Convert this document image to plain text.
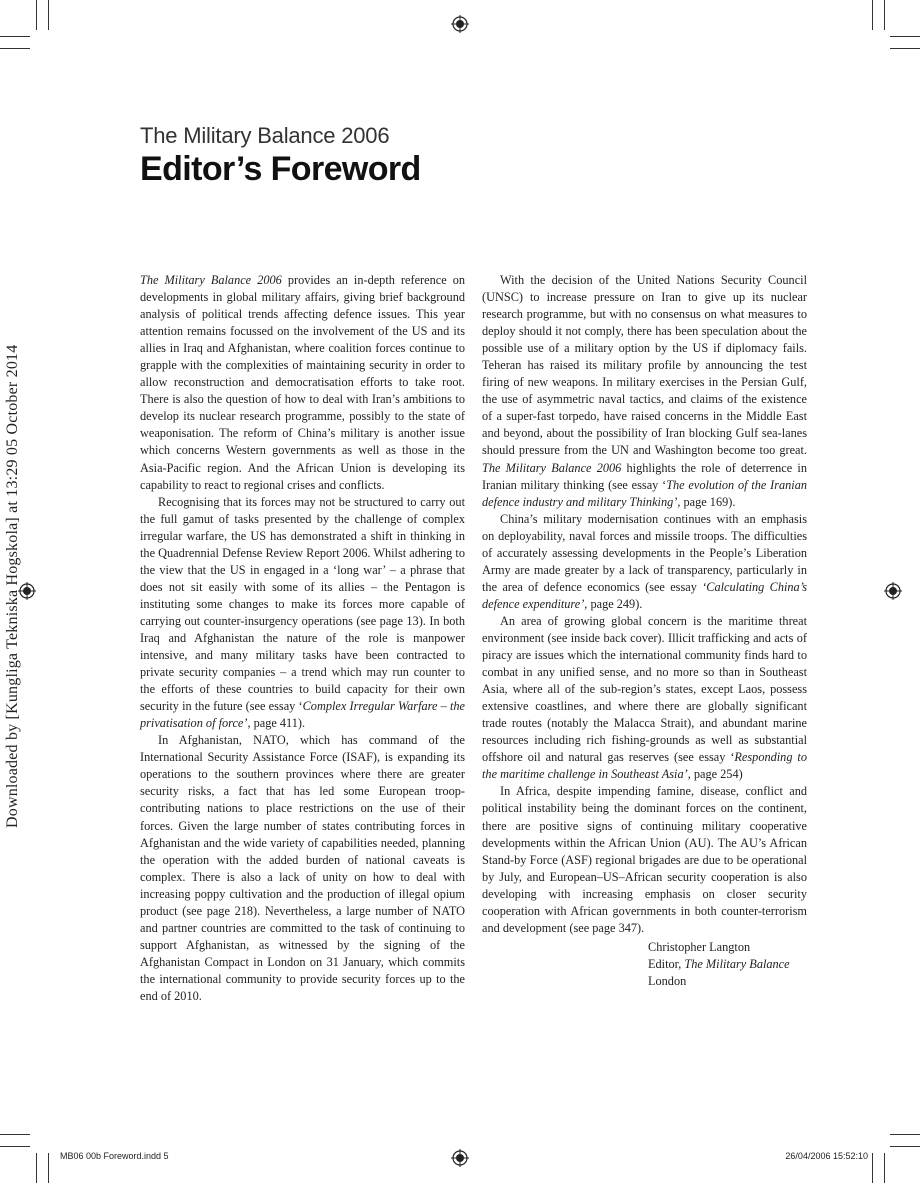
The Military Balance 2006
Editor’s Foreword
Downloaded by [Kungliga Tekniska Hogskola] at 13:29 05 October 2014

The Military Balance 2006 provides an in-depth reference on developments in global military affairs, giving brief background analysis of political trends affecting defence issues. This year attention remains focussed on the involvement of the US and its allies in Iraq and Afghanistan, where coalition forces continue to grapple with the complexities of maintaining security in order to allow reconstruction and democratisation efforts to take root. There is also the question of how to deal with Iran’s ambitions to develop its nuclear research programme, possibly to the state of weaponisation. The reform of China’s military is another issue which concerns Western governments as well as those in the Asia-Pacific region. And the African Union is developing its capability to react to regional crises and conflicts.

Recognising that its forces may not be structured to carry out the full gamut of tasks presented by the challenge of complex irregular warfare, the US has demonstrated a shift in thinking in the Quadrennial Defense Review Report 2006. Whilst adhering to the view that the US in engaged in a ‘long war’ – a phrase that does not sit easily with some of its allies – the Pentagon is instituting some changes to make its forces more capable of carrying out counter-insurgency operations (see page 13). In both Iraq and Afghanistan the nature of the role is manpower intensive, and many military tasks have been contracted to private security companies – a trend which may run counter to the efforts of these countries to build capacity for their own security in the future (see essay ‘Complex Irregular Warfare – the privatisation of force’, page 411).

In Afghanistan, NATO, which has command of the International Security Assistance Force (ISAF), is expanding its operations to the southern provinces where there are greater security risks, a fact that has led some European troop-contributing nations to place restrictions on the use of their forces. Given the large number of states contributing forces in Afghanistan and the wide variety of capabilities needed, planning the operation with the added burden of national caveats is complex. There is also a lack of unity on how to deal with increasing poppy cultivation and the production of illegal opium product (see page 218). Nevertheless, a large number of NATO and partner countries are committed to the task of continuing to support Afghanistan, as witnessed by the signing of the Afghanistan Compact in London on 31 January, which commits the international community to provide security forces up to the end of 2010.

With the decision of the United Nations Security Council (UNSC) to increase pressure on Iran to give up its nuclear research programme, but with no consensus on what measures to deploy should it not comply, there has been speculation about the possible use of a military option by the US if diplomacy fails. Teheran has raised its military profile by announcing the test firing of new weapons. In military exercises in the Persian Gulf, the use of asymmetric naval tactics, and claims of the existence of a super-fast torpedo, have raised concerns in the Middle East and beyond, about the possibility of Iran blocking Gulf sea-lanes should pressure from the UN and Washington become too great. The Military Balance 2006 highlights the role of deterrence in Iranian military thinking (see essay ‘The evolution of the Iranian defence industry and military Thinking’, page 169).

China’s military modernisation continues with an emphasis on deployability, naval forces and missile troops. The difficulties of accurately assessing developments in the People’s Liberation Army are made greater by a lack of transparency, particularly in the area of defence economics (see essay ‘Calculating China’s defence expenditure’, page 249).

An area of growing global concern is the maritime threat environment (see inside back cover). Illicit trafficking and acts of piracy are issues which the international community finds hard to combat in any unified sense, and no more so than in Southeast Asia, where all of the sub-region’s states, except Laos, possess extensive coastlines, and where there are globally significant trade routes (notably the Malacca Strait), and abundant marine resources including rich fishing-grounds as well as substantial offshore oil and natural gas reserves (see essay ‘Responding to the maritime challenge in Southeast Asia’, page 254)

In Africa, despite impending famine, disease, conflict and political instability being the dominant forces on the continent, there are positive signs of continuing military cooperative developments within the African Union (AU). The AU’s African Stand-by Force (ASF) regional brigades are due to be operational by July, and European–US–African security cooperation is also developing with increasing emphasis on closer security cooperation with African governments in both counter-terrorism and development (see page 347).

Christopher Langton
Editor, The Military Balance
London
MB06 00b Foreword.indd 5	26/04/2006 15:52:10
